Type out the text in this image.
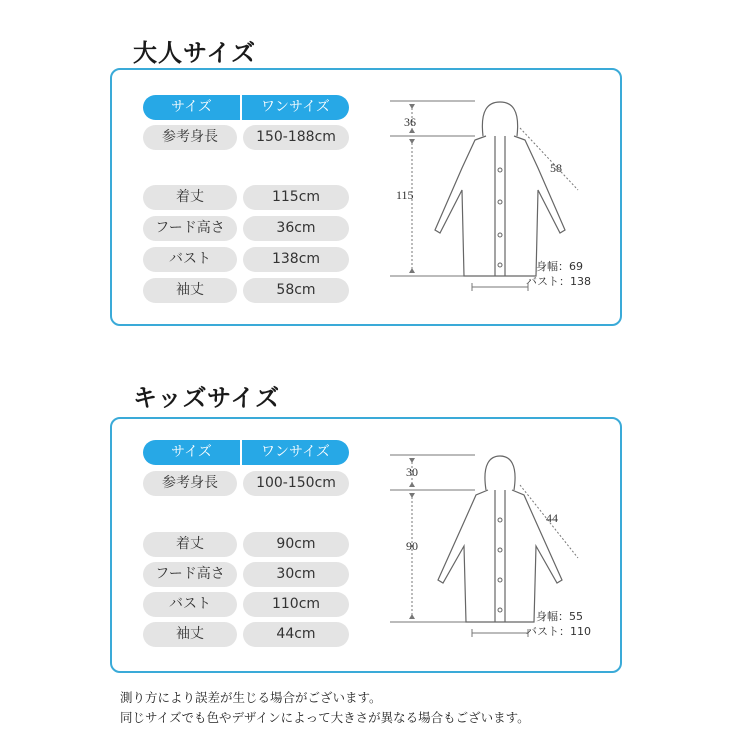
大人サイズ
サイズ	ワンサイズ
参考身長	150-188cm
着丈	115cm
フード高さ	36cm
バスト	138cm
袖丈	58cm
36
115
58
身幅：69
バスト：138
キッズサイズ
サイズ	ワンサイズ
参考身長	100-150cm
着丈	90cm
フード高さ	30cm
バスト	110cm
袖丈	44cm
30
90
44
身幅：55
バスト：110
測り方により誤差が生じる場合がございます。
同じサイズでも色やデザインによって大きさが異なる場合もございます。
